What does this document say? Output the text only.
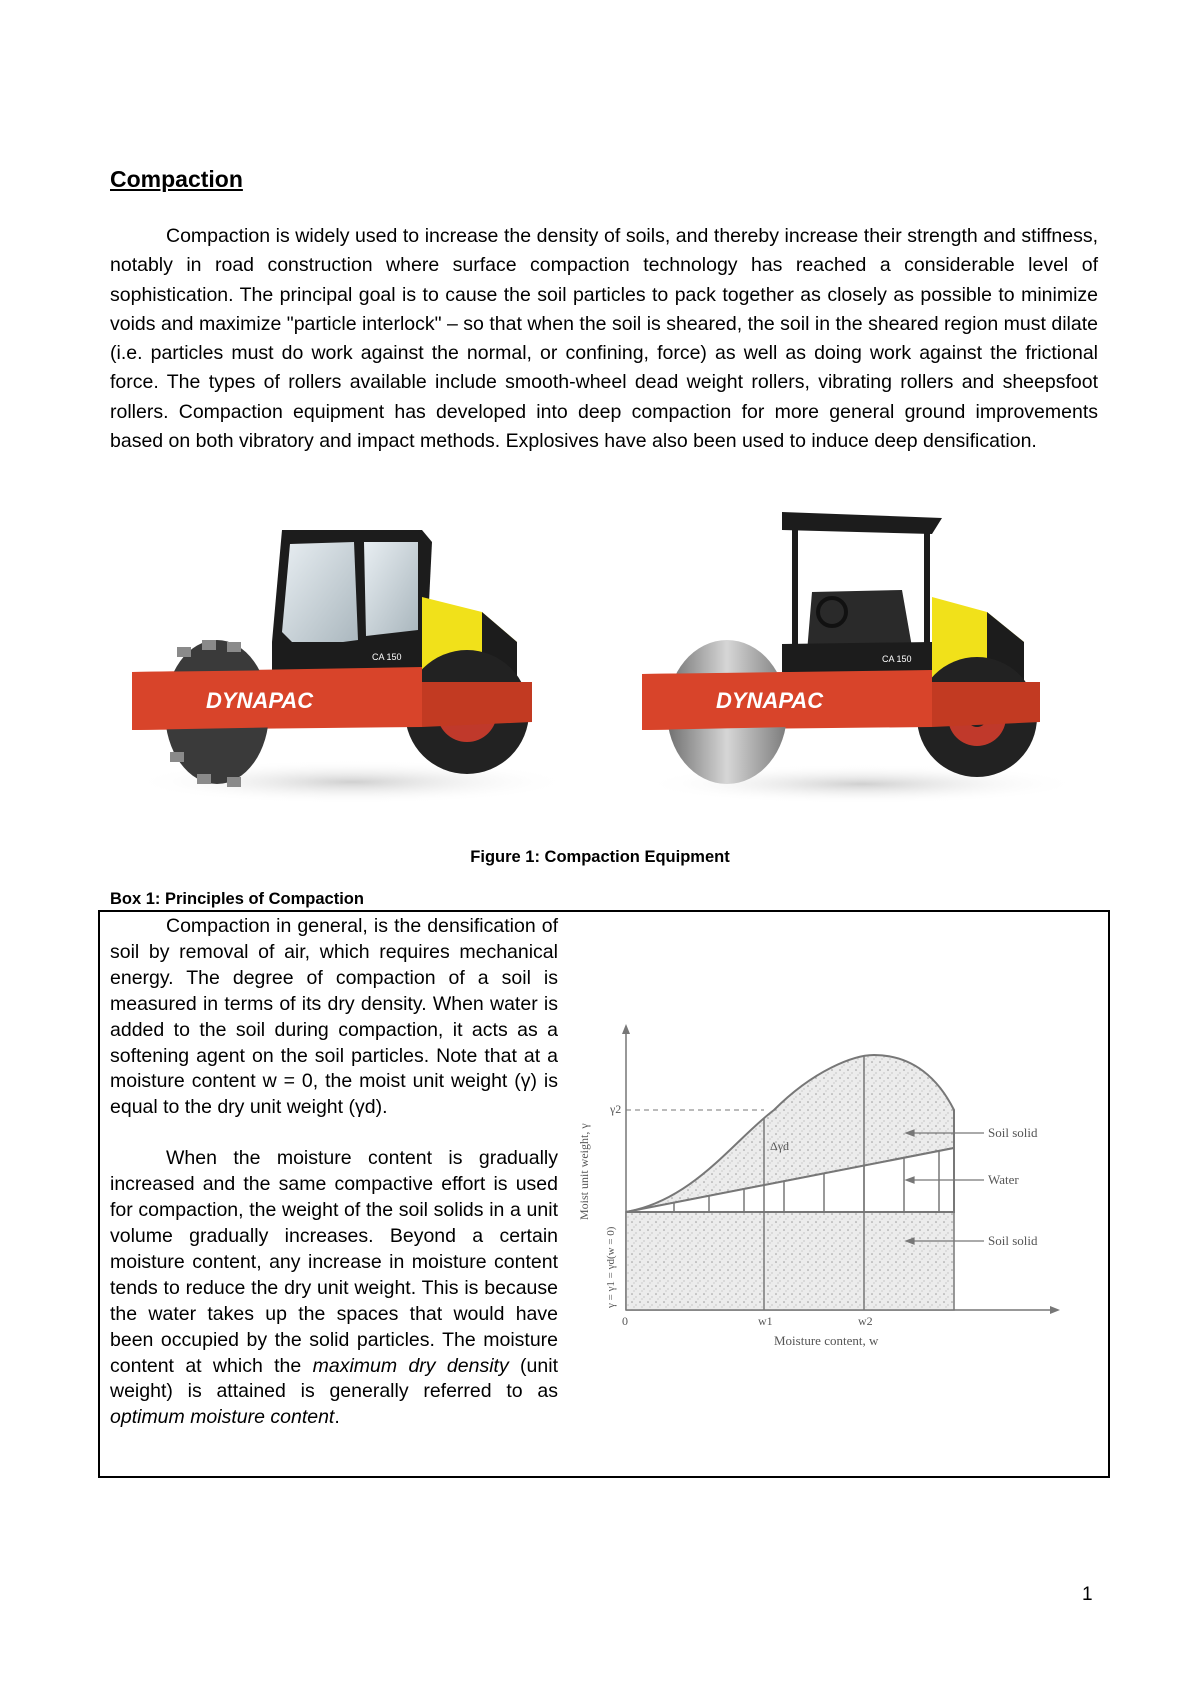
Compaction

Compaction is widely used to increase the density of soils, and thereby increase their strength and stiffness, notably in road construction where surface compaction technology has reached a considerable level of sophistication. The principal goal is to cause the soil particles to pack together as closely as possible to minimize voids and maximize "particle interlock" – so that when the soil is sheared, the soil in the sheared region must dilate (i.e. particles must do work against the normal, or confining, force) as well as doing work against the frictional force. The types of rollers available include smooth-wheel dead weight rollers, vibrating rollers and sheepsfoot rollers. Compaction equipment has developed into deep compaction for more general ground improvements based on both vibratory and impact methods. Explosives have also been used to induce deep densification.

DYNAPAC
CA 150
DYNAPAC
CA 150
Figure 1: Compaction Equipment
Box 1: Principles of Compaction

Compaction in general, is the densification of soil by removal of air, which requires mechanical energy. The degree of compaction of a soil is measured in terms of its dry density. When water is added to the soil during compaction, it acts as a softening agent on the soil particles. Note that at a moisture content w = 0, the moist unit weight (γ) is equal to the dry unit weight (γd).

When the moisture content is gradually increased and the same compactive effort is used for compaction, the weight of the soil solids in a unit volume gradually increases. Beyond a certain moisture content, any increase in moisture content tends to reduce the dry unit weight. This is because the water takes up the spaces that would have been occupied by the solid particles. The moisture content at which the maximum dry density (unit weight) is attained is generally referred to as optimum moisture content.

Soil solid
Water
Soil solid
γ2
Δγd
0	w1	w2
Moisture content, w
Moist unit weight, γ
γ = γ1 = γd(w = 0)
1
